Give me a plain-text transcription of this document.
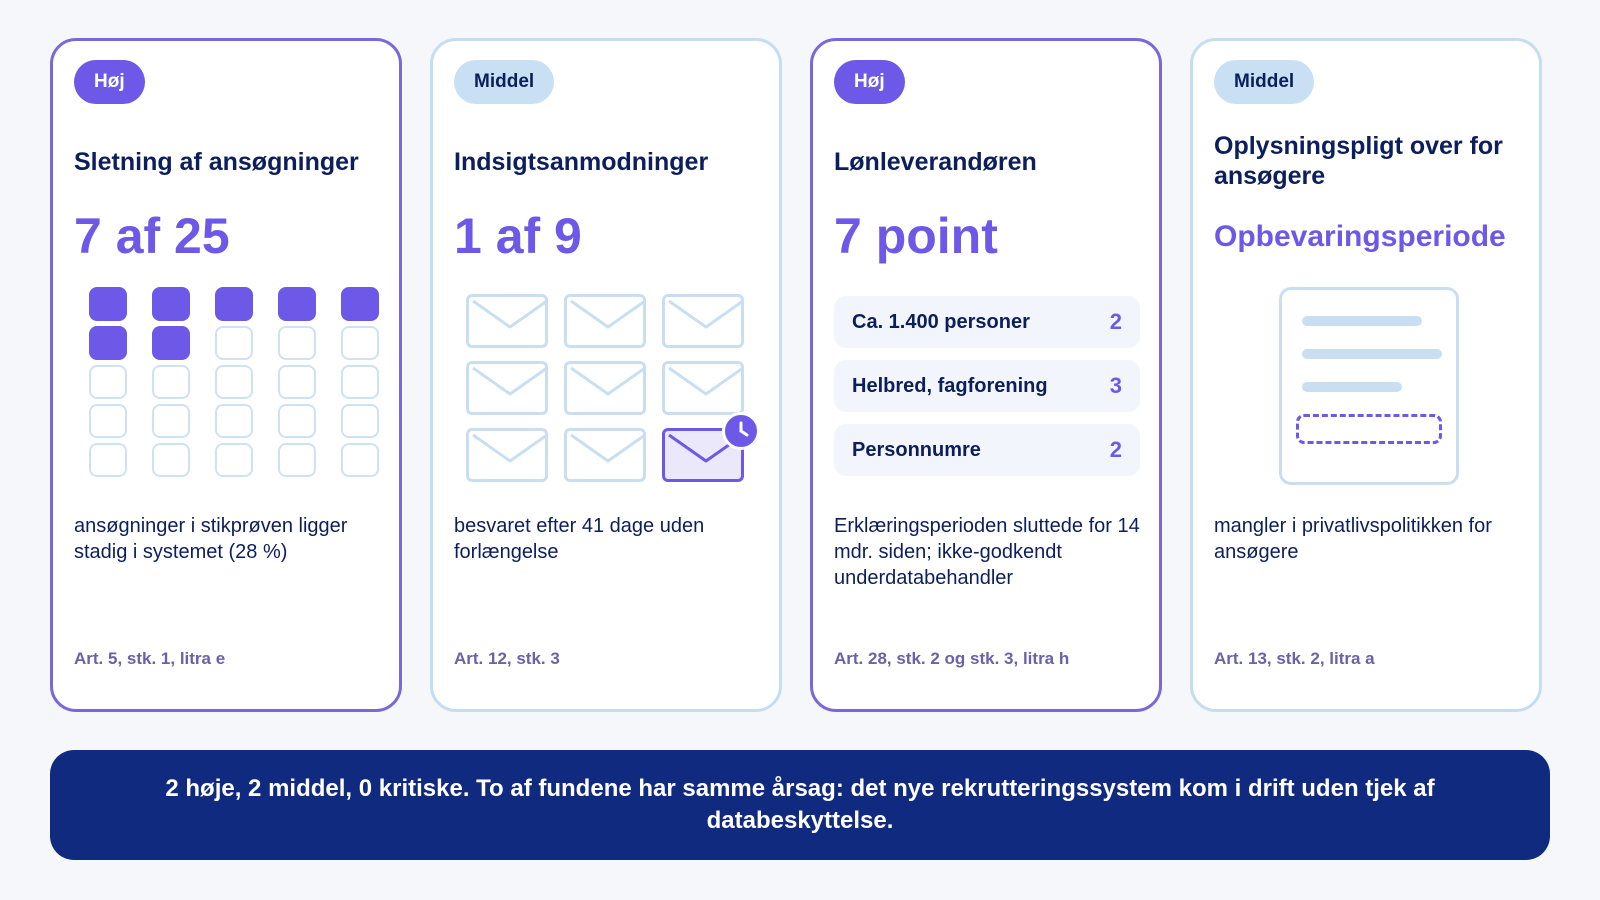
Høj
Sletning af ansøgninger
7 af 25
ansøgninger i stikprøven ligger stadig i systemet (28 %)
Art. 5, stk. 1, litra e
Middel
Indsigtsanmodninger
1 af 9
besvaret efter 41 dage uden forlængelse
Art. 12, stk. 3
Høj
Lønleverandøren
7 point
Ca. 1.400 personer	2
Helbred, fagforening	3
Personnumre	2
Erklæringsperioden sluttede for 14 mdr. siden; ikke-godkendt underdatabehandler
Art. 28, stk. 2 og stk. 3, litra h
Middel
Oplysningspligt over for ansøgere
Opbevaringsperiode
mangler i privatlivspolitikken for ansøgere
Art. 13, stk. 2, litra a
2 høje, 2 middel, 0 kritiske. To af fundene har samme årsag: det nye rekrutteringssystem kom i drift uden tjek af databeskyttelse.
